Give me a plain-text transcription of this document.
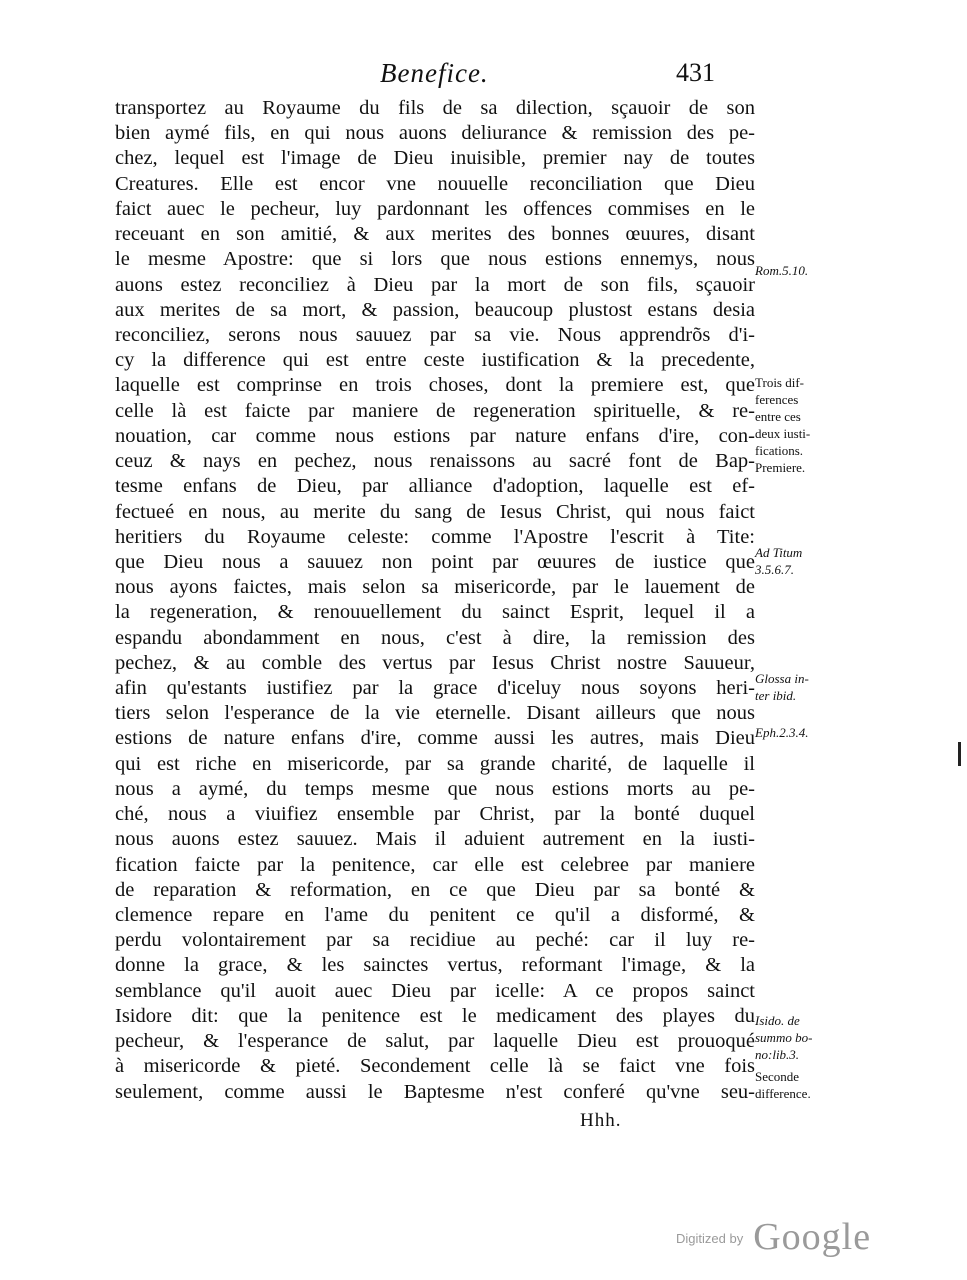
Benefice.	431
transportez au Royaume du fils de sa dilection, sçauoir de son
bien aymé fils, en qui nous auons deliurance & remission des pe-
chez, lequel est l'image de Dieu inuisible, premier nay de toutes
Creatures. Elle est encor vne nouuelle reconciliation que Dieu
faict auec le pecheur, luy pardonnant les offences commises en le
receuant en son amitié, & aux merites des bonnes œuures, disant
le mesme Apostre: que si lors que nous estions ennemys, nous
auons estez reconciliez à Dieu par la mort de son fils, sçauoir
aux merites de sa mort, & passion, beaucoup plustost estans desia
reconciliez, serons nous sauuez par sa vie. Nous apprendrõs d'i-
cy la difference qui est entre ceste iustification & la precedente,
laquelle est comprinse en trois choses, dont la premiere est, que
celle là est faicte par maniere de regeneration spirituelle, & re-
nouation, car comme nous estions par nature enfans d'ire, con-
ceuz & nays en pechez, nous renaissons au sacré font de Bap-
tesme enfans de Dieu, par alliance d'adoption, laquelle est ef-
fectueé en nous, au merite du sang de Iesus Christ, qui nous faict
heritiers du Royaume celeste: comme l'Apostre l'escrit à Tite:
que Dieu nous a sauuez non point par œuures de iustice que
nous ayons faictes, mais selon sa misericorde, par le lauement de
la regeneration, & renouuellement du sainct Esprit, lequel il a
espandu abondamment en nous, c'est à dire, la remission des
pechez, & au comble des vertus par Iesus Christ nostre Sauueur,
afin qu'estants iustifiez par la grace d'iceluy nous soyons heri-
tiers selon l'esperance de la vie eternelle. Disant ailleurs que nous
estions de nature enfans d'ire, comme aussi les autres, mais Dieu
qui est riche en misericorde, par sa grande charité, de laquelle il
nous a aymé, du temps mesme que nous estions morts au pe-
ché, nous a viuifiez ensemble par Christ, par la bonté duquel
nous auons estez sauuez. Mais il aduient autrement en la iusti-
fication faicte par la penitence, car elle est celebree par maniere
de reparation & reformation, en ce que Dieu par sa bonté &
clemence repare en l'ame du penitent ce qu'il a disformé, &
perdu volontairement par sa recidiue au peché: car il luy re-
donne la grace, & les sainctes vertus, reformant l'image, & la
semblance qu'il auoit auec Dieu par icelle: A ce propos sainct
Isidore dit: que la penitence est le medicament des playes du
pecheur, & l'esperance de salut, par laquelle Dieu est prouoqué
à misericorde & pieté. Secondement celle là se faict vne fois
seulement, comme aussi le Baptesme n'est conferé qu'vne seu-
Rom.5.10.
Trois dif-
ferences
entre ces
deux iusti-
fications.
Premiere.
Ad Titum
3.5.6.7.
Glossa in-
ter ibid.
Eph.2.3.4.
Isido. de
summo bo-
no:lib.3.
Seconde
difference.
Hhh.
$^{Digitized by}$ Google
